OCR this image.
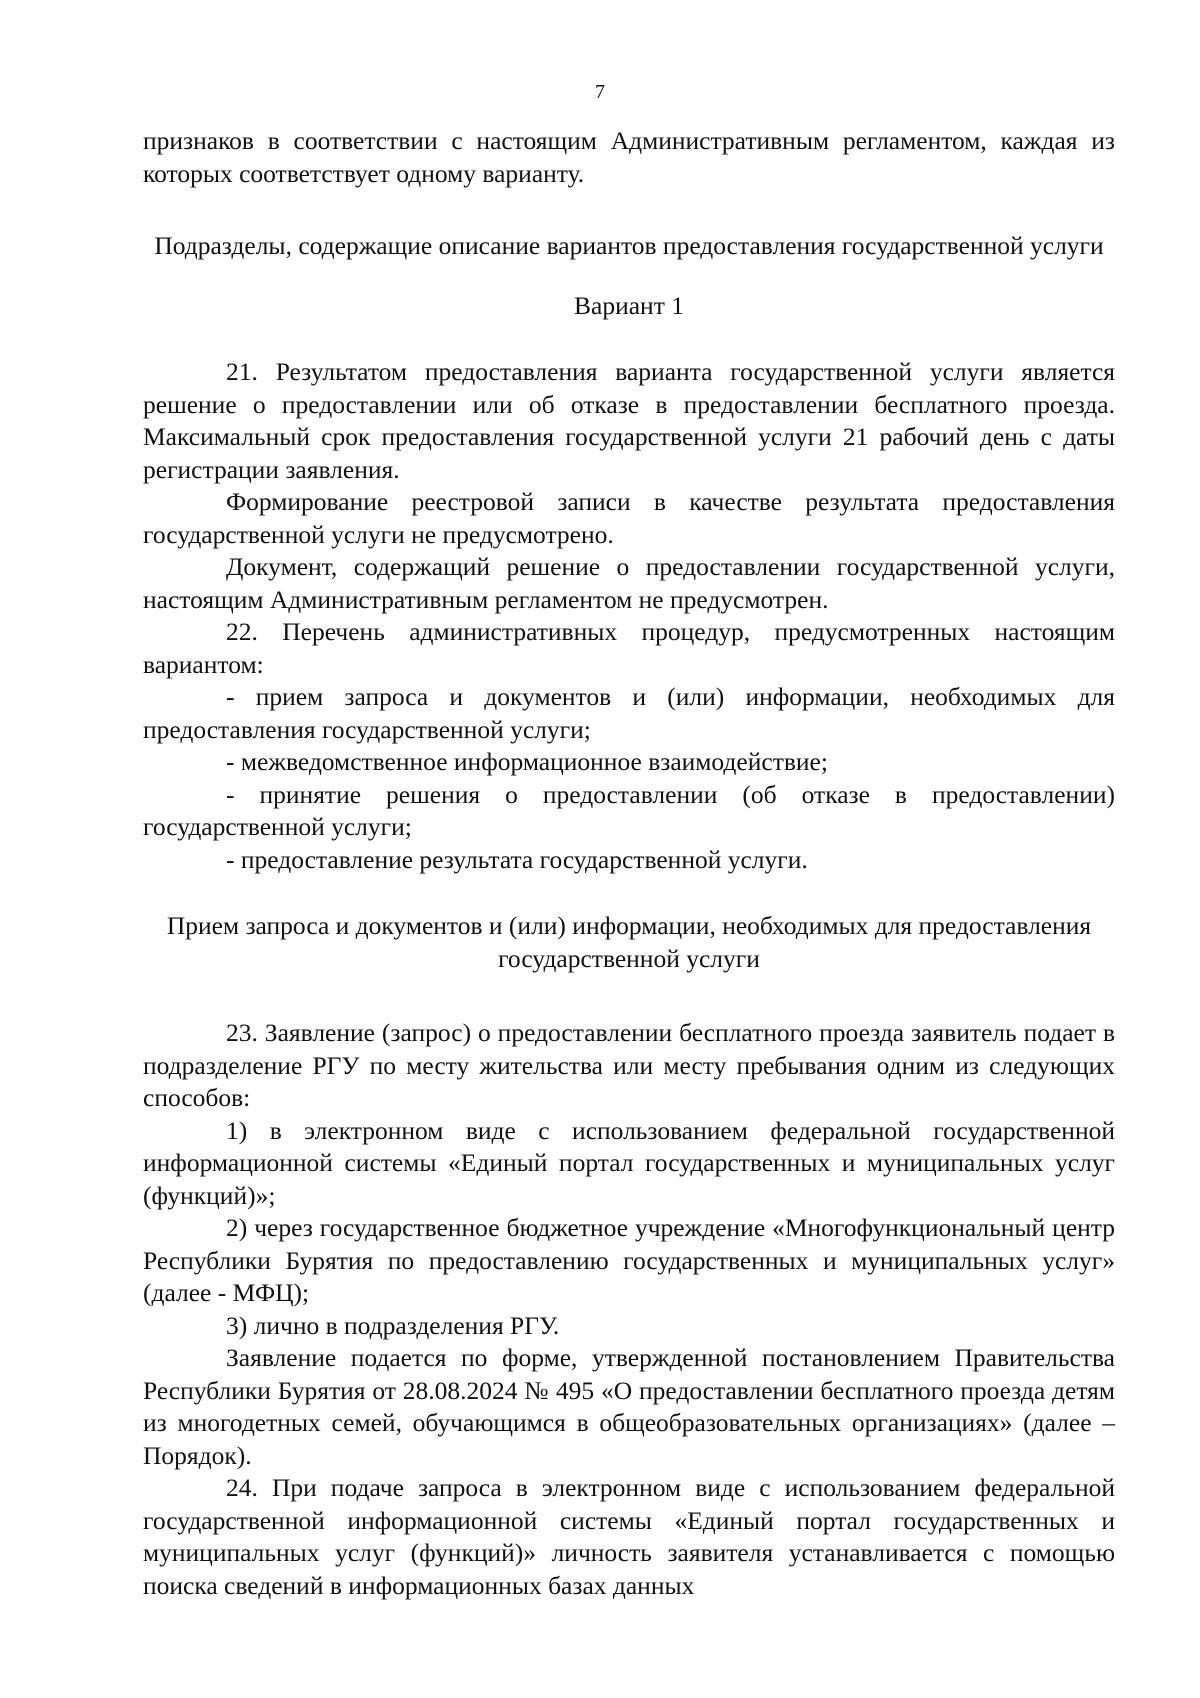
7

признаков в соответствии с настоящим Административным регламентом, каждая из которых соответствует одному варианту.

Подразделы, содержащие описание вариантов предоставления государственной услуги
Вариант 1

21. Результатом предоставления варианта государственной услуги является решение о предоставлении или об отказе в предоставлении бесплатного проезда. Максимальный срок предоставления государственной услуги 21 рабочий день с даты регистрации заявления.

Формирование реестровой записи в качестве результата предоставления государственной услуги не предусмотрено.

Документ, содержащий решение о предоставлении государственной услуги, настоящим Административным регламентом не предусмотрен.

22. Перечень административных процедур, предусмотренных настоящим вариантом:

- прием запроса и документов и (или) информации, необходимых для предоставления государственной услуги;

- межведомственное информационное взаимодействие;

- принятие решения о предоставлении (об отказе в предоставлении) государственной услуги;

- предоставление результата государственной услуги.

Прием запроса и документов и (или) информации, необходимых для предоставления государственной услуги

23. Заявление (запрос) о предоставлении бесплатного проезда заявитель подает в подразделение РГУ по месту жительства или месту пребывания одним из следующих способов:

1) в электронном виде с использованием федеральной государственной информационной системы «Единый портал государственных и муниципальных услуг (функций)»;

2) через государственное бюджетное учреждение «Многофункциональный центр Республики Бурятия по предоставлению государственных и муниципальных услуг» (далее - МФЦ);

3) лично в подразделения РГУ.

Заявление подается по форме, утвержденной постановлением Правительства Республики Бурятия от 28.08.2024 № 495 «О предоставлении бесплатного проезда детям из многодетных семей, обучающимся в общеобразовательных организациях» (далее – Порядок).

24. При подаче запроса в электронном виде с использованием федеральной государственной информационной системы «Единый портал государственных и муниципальных услуг (функций)» личность заявителя устанавливается с помощью поиска сведений в информационных базах данных
